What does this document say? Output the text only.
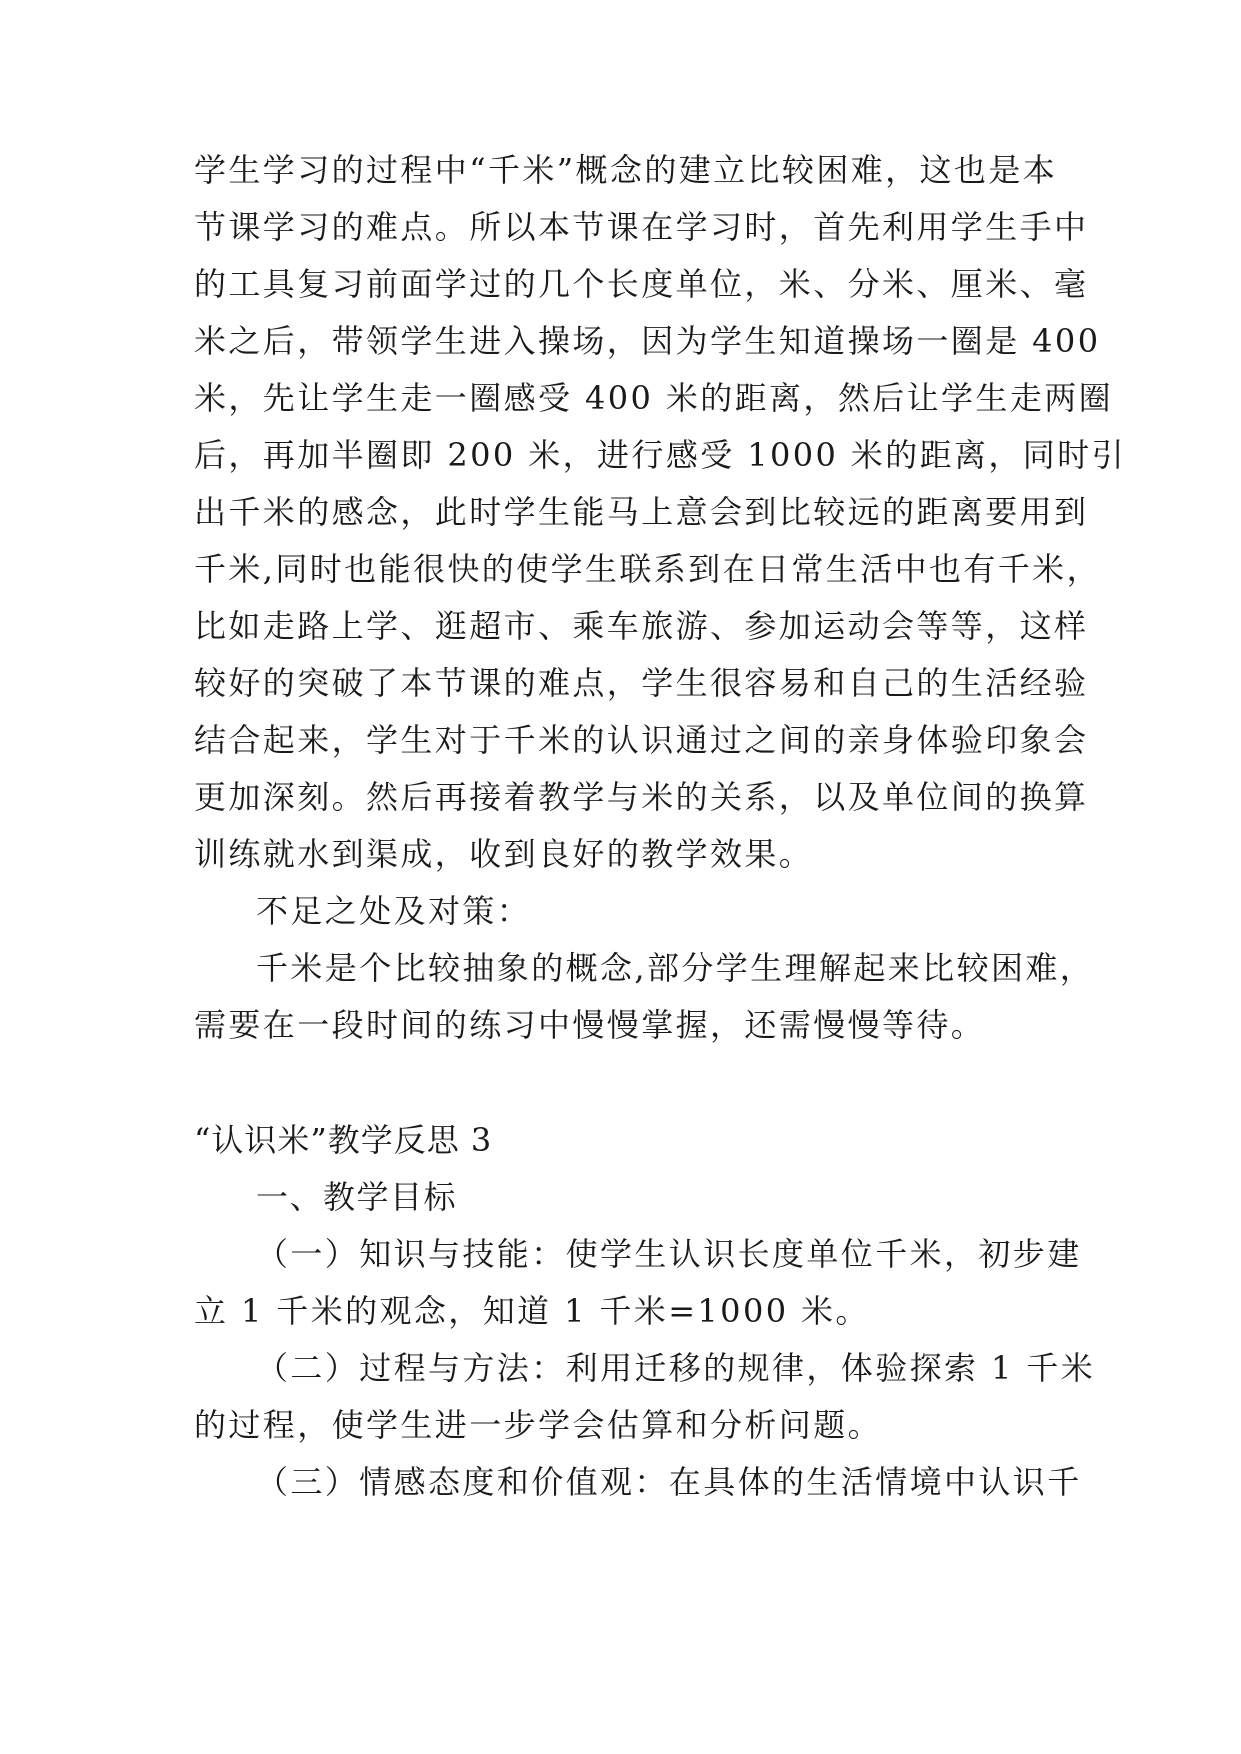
学生学习的过程中“千米”概念的建立比较困难，这也是本
节课学习的难点。所以本节课在学习时，首先利用学生手中
的工具复习前面学过的几个长度单位，米、分米、厘米、毫
米之后，带领学生进入操场，因为学生知道操场一圈是 400
米，先让学生走一圈感受 400 米的距离，然后让学生走两圈
后，再加半圈即 200 米，进行感受 1000 米的距离，同时引
出千米的感念，此时学生能马上意会到比较远的距离要用到
千米,同时也能很快的使学生联系到在日常生活中也有千米，
比如走路上学、逛超市、乘车旅游、参加运动会等等，这样
较好的突破了本节课的难点，学生很容易和自己的生活经验
结合起来，学生对于千米的认识通过之间的亲身体验印象会
更加深刻。然后再接着教学与米的关系，以及单位间的换算
训练就水到渠成，收到良好的教学效果。
不足之处及对策：
千米是个比较抽象的概念,部分学生理解起来比较困难，
需要在一段时间的练习中慢慢掌握，还需慢慢等待。
“认识米”教学反思 3
一、教学目标
（一）知识与技能：使学生认识长度单位千米，初步建
立 1 千米的观念，知道 1 千米=1000 米。
（二）过程与方法：利用迁移的规律，体验探索 1 千米
的过程，使学生进一步学会估算和分析问题。
（三）情感态度和价值观：在具体的生活情境中认识千
